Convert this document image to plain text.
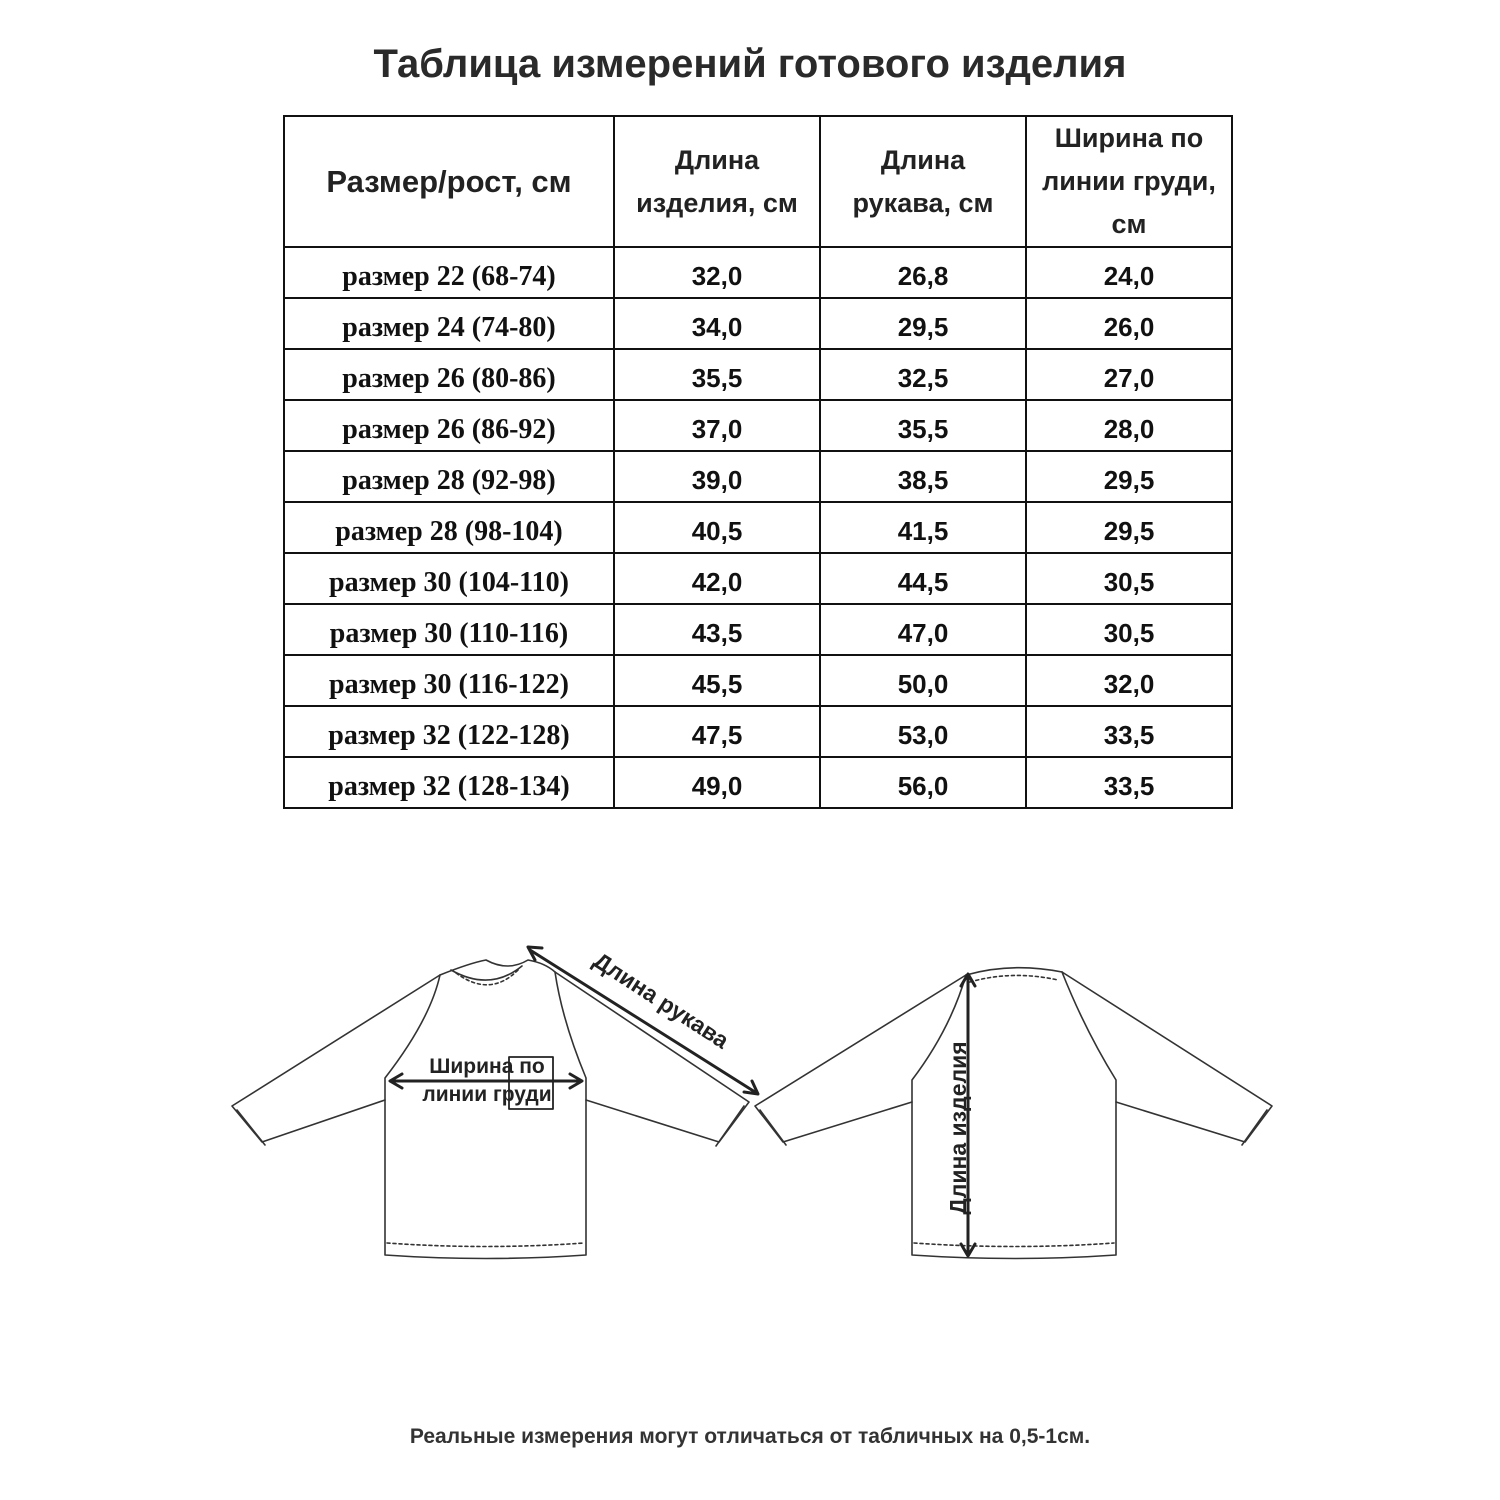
Таблица измерений готового изделия
Размер/рост, см	Длина изделия, см	Длина рукава, см	Ширина по линии груди, см

размер 22 (68-74)	32,0	26,8	24,0
размер 24 (74-80)	34,0	29,5	26,0
размер 26 (80-86)	35,5	32,5	27,0
размер 26 (86-92)	37,0	35,5	28,0
размер 28 (92-98)	39,0	38,5	29,5
размер 28 (98-104)	40,5	41,5	29,5
размер 30 (104-110)	42,0	44,5	30,5
размер 30 (110-116)	43,5	47,0	30,5
размер 30 (116-122)	45,5	50,0	32,0
размер 32 (122-128)	47,5	53,0	33,5
размер 32 (128-134)	49,0	56,0	33,5
Длина рукава
Ширина по
линии груди	Длина изделия
Реальные измерения могут отличаться от табличных на 0,5-1см.
